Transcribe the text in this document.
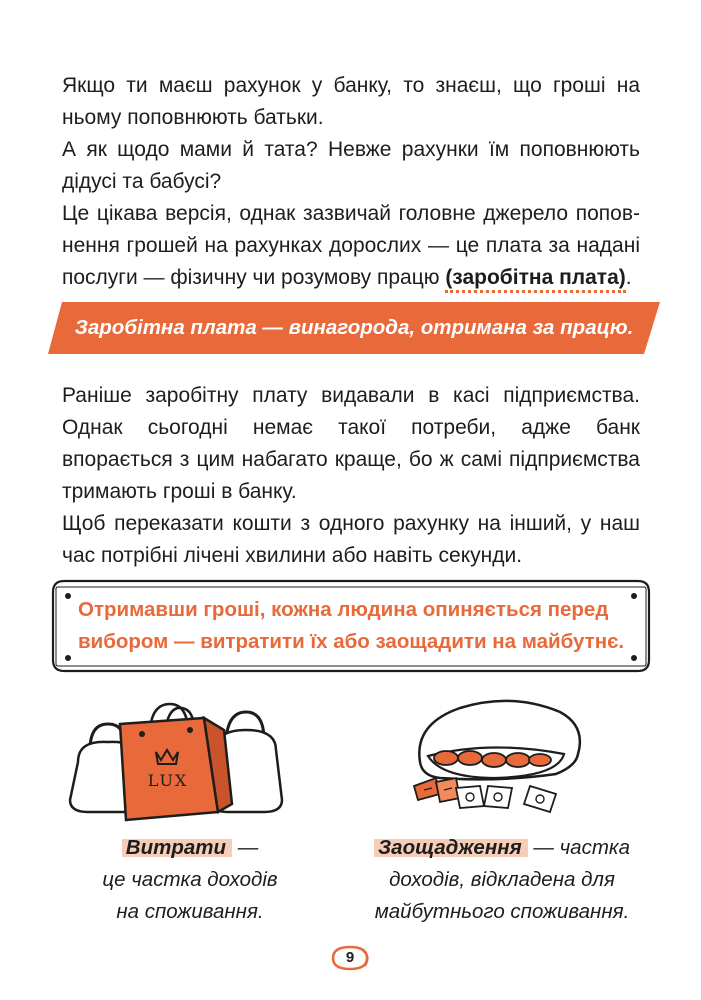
Якщо ти маєш рахунок у банку, то знаєш, що гроші на ньому поповнюють батьки.

А як щодо мами й тата? Невже рахунки їм поповнюють дідусі та бабусі?

Це цікава версія, однак зазвичай головне джерело поповнення грошей на рахунках дорослих — це плата за надані послуги — фізичну чи розумову працю (заробітна плата).

Заробітна плата — винагорода, отримана за працю.

Раніше заробітну плату видавали в касі підприємства. Однак сьогодні немає такої потреби, адже банк впорається з цим набагато краще, бо ж самі підприємства тримають гроші в банку.

Щоб переказати кошти з одного рахунку на інший, у наш час потрібні лічені хвилини або навіть секунди.

Отримавши гроші, кожна людина опиняється перед вибором — витратити їх або заощадити на майбутнє.
LUX
Витрати —
це частка доходів
на споживання.
Заощадження — частка
доходів, відкладена для
майбутнього споживання.
9
